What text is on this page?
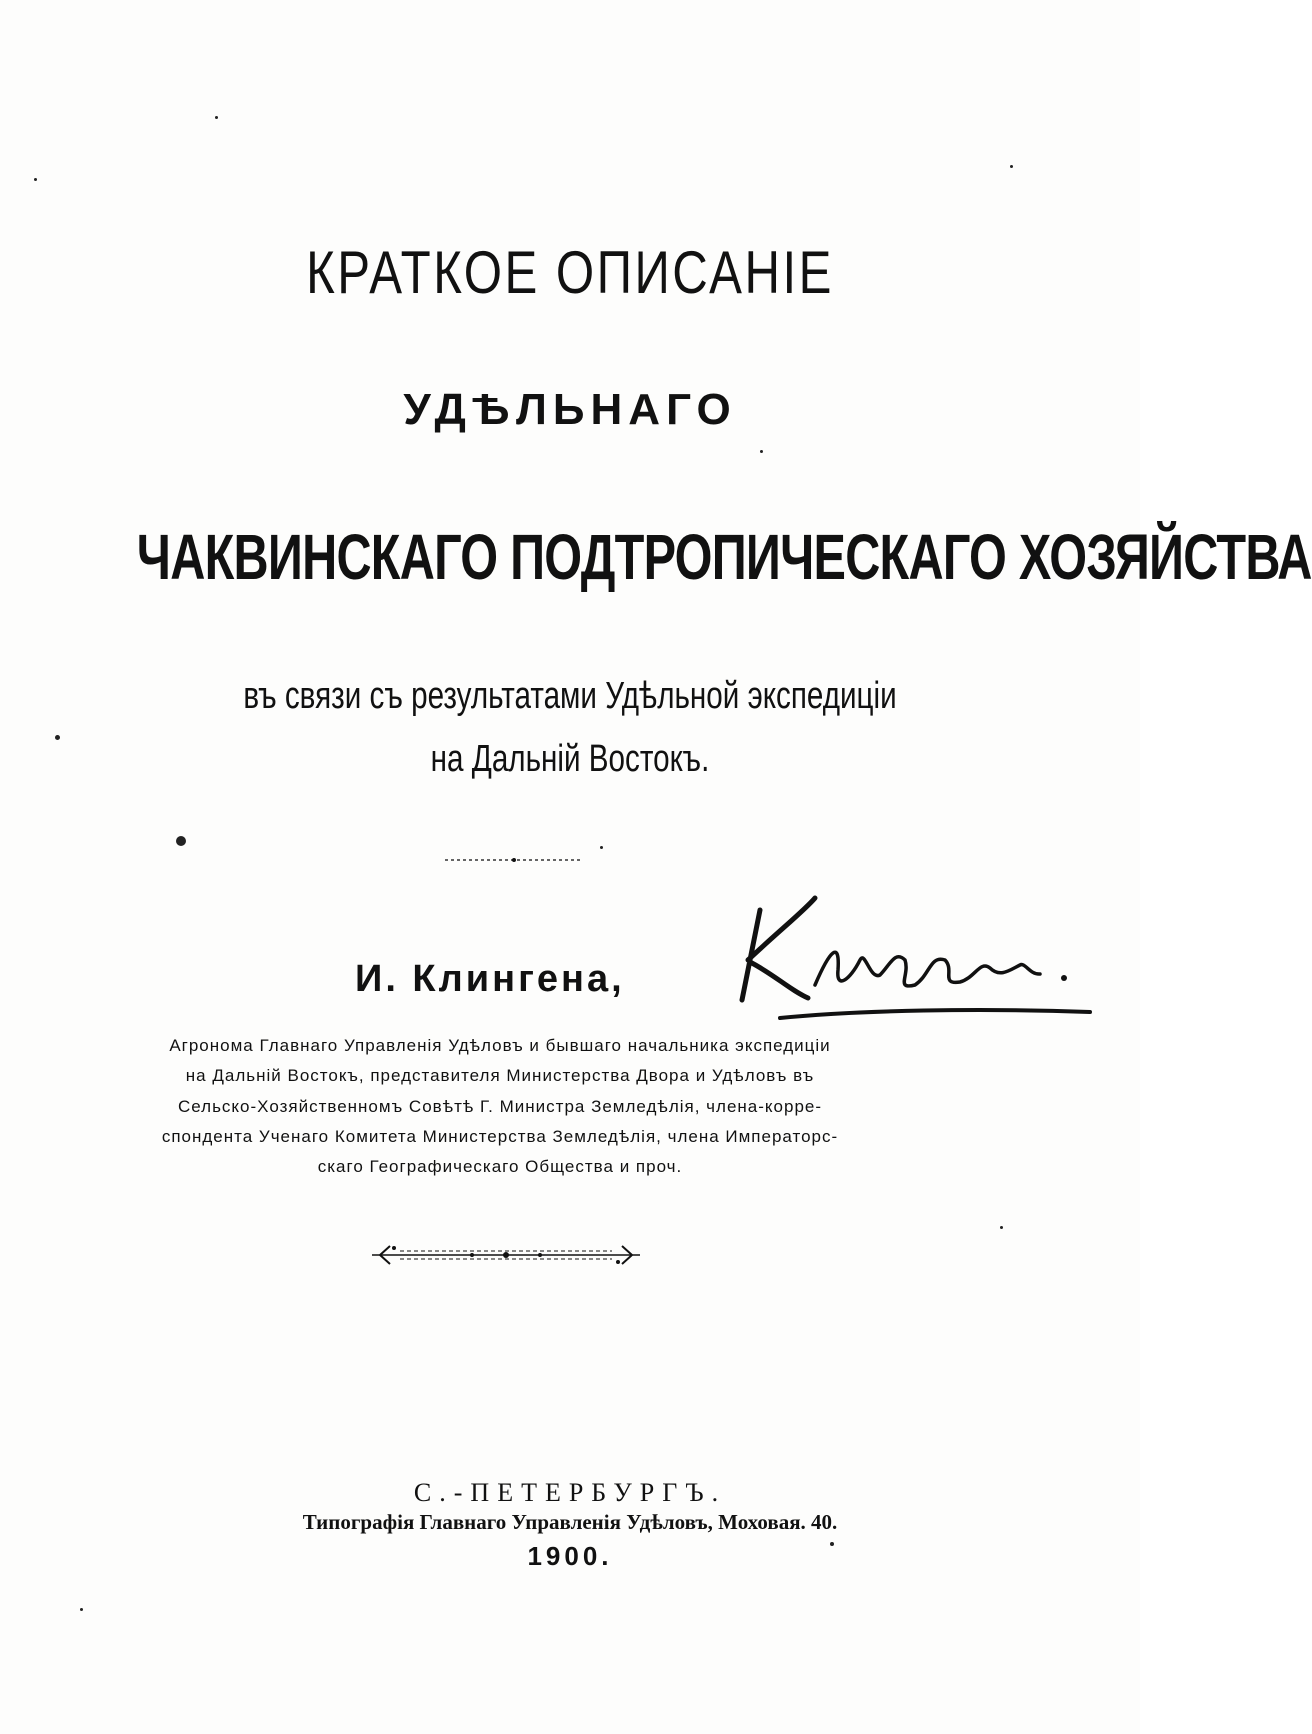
КРАТКОЕ ОПИСАНIЕ
УДѢЛЬНАГО
ЧАКВИНСКАГО ПОДТРОПИЧЕСКАГО ХОЗЯЙСТВА
въ связи съ результатами Удѣльной экспедицiи
на Дальнiй Востокъ.
И. Клингена,
Агронома Главнаго Управленiя Удѣловъ и бывшаго начальника экспедицiи
на Дальнiй Востокъ, представителя Министерства Двора и Удѣловъ въ
Сельско-Хозяйственномъ Совѣтѣ Г. Министра Земледѣлiя, члена-корре-
спондента Ученаго Комитета Министерства Земледѣлiя, члена Императорс-
скаго Географическаго Общества и проч.
С.-ПЕТЕРБУРГЪ.
Типографiя Главнаго Управленiя Удѣловъ, Моховая. 40.
1900.
